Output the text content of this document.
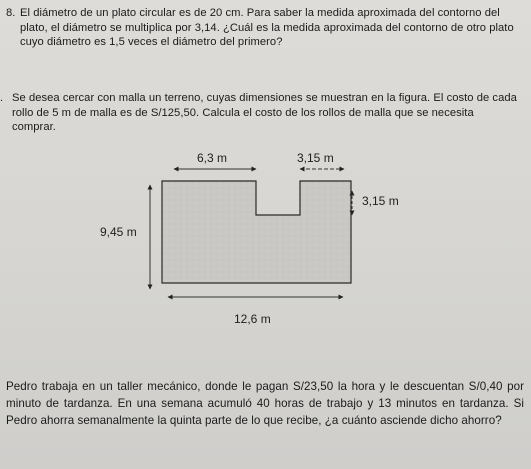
8. El diámetro de un plato circular es de 20 cm. Para saber la medida aproximada del contorno del plato, el diámetro se multiplica por 3,14. ¿Cuál es la medida aproximada del contorno de otro plato cuyo diámetro es 1,5 veces el diámetro del primero?
. Se desea cercar con malla un terreno, cuyas dimensiones se muestran en la figura. El costo de cada rollo de 5 m de malla es de S/125,50. Calcula el costo de los rollos de malla que se necesita comprar.
6,3 m	3,15 m
3,15 m
9,45 m
12,6 m
Pedro trabaja en un taller mecánico, donde le pagan S/23,50 la hora y le descuentan S/0,40 por minuto de tardanza. En una semana acumuló 40 horas de trabajo y 13 minutos en tardanza. Si Pedro ahorra semanalmente la quinta parte de lo que recibe, ¿a cuánto asciende dicho ahorro?
